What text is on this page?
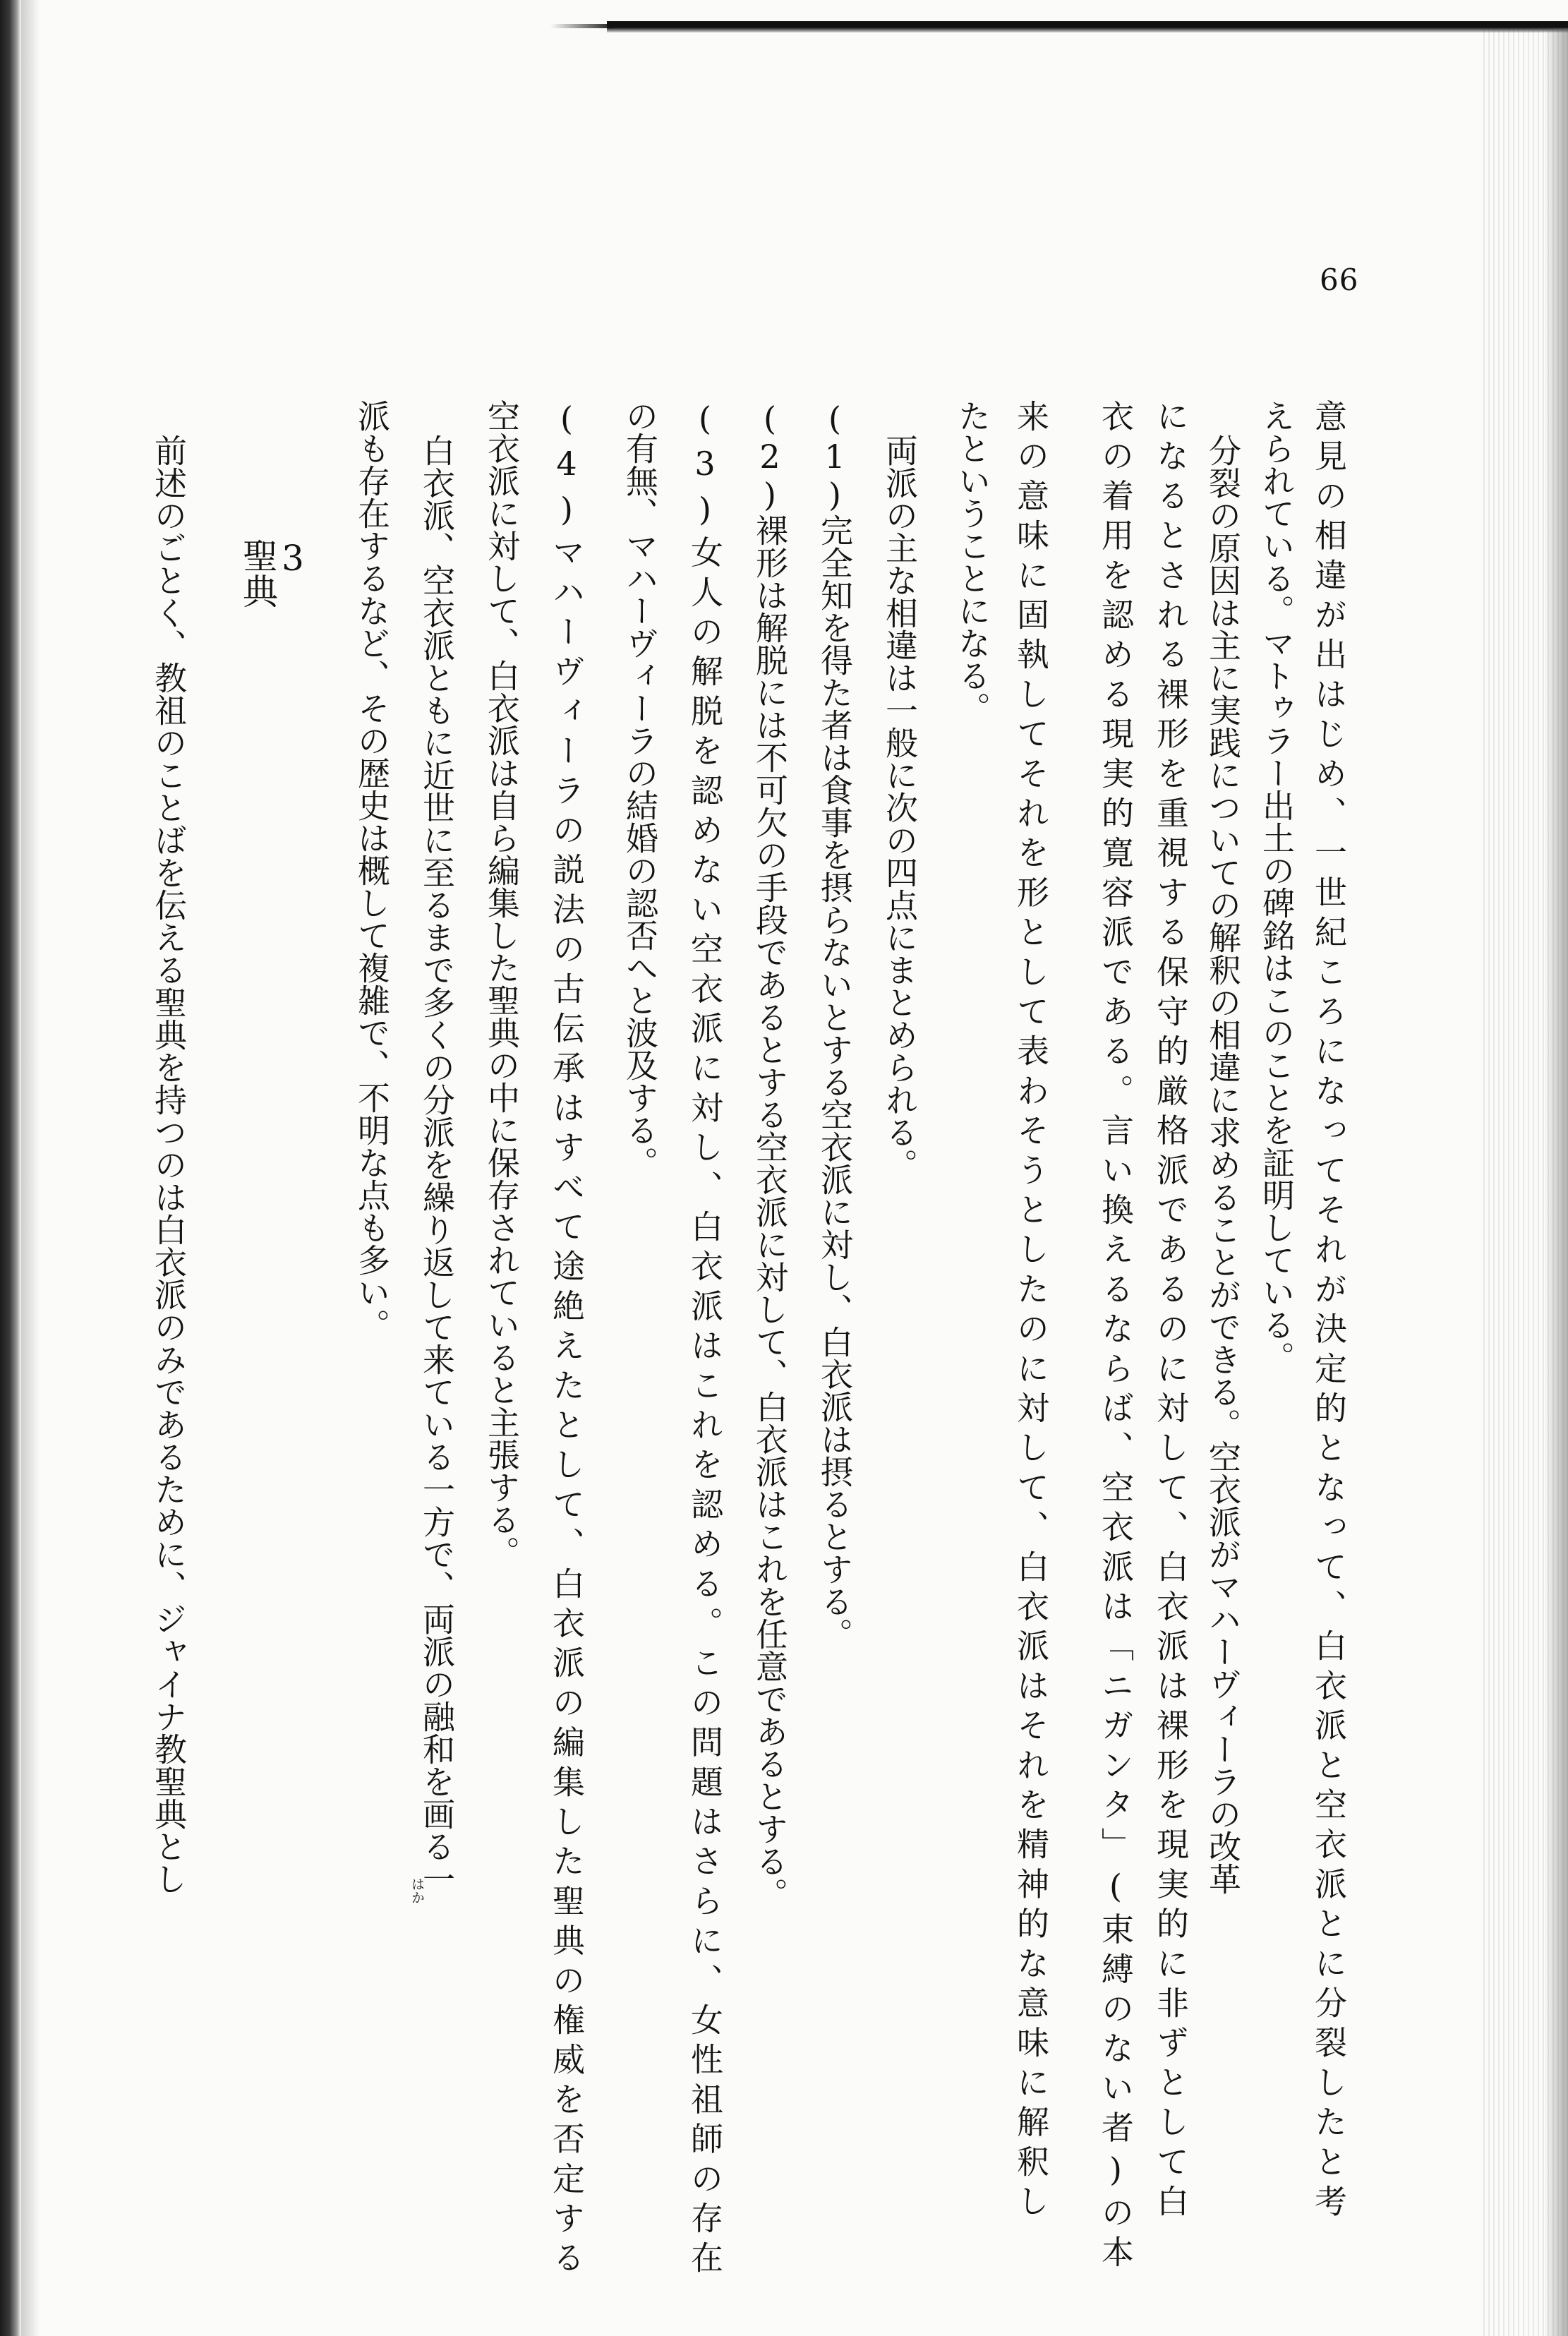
66
意見の相違が出はじめ、一世紀ころになってそれが決定的となって、白衣派と空衣派とに分裂したと考
えられている。マトゥラー出土の碑銘はこのことを証明している。
分裂の原因は主に実践についての解釈の相違に求めることができる。空衣派がマハーヴィーラの改革
になるとされる裸形を重視する保守的厳格派であるのに対して、白衣派は裸形を現実的に非ずとして白
衣の着用を認める現実的寛容派である。言い換えるならば、空衣派は「ニガンタ」(束縛のない者)の本
来の意味に固執してそれを形として表わそうとしたのに対して、白衣派はそれを精神的な意味に解釈し
たということになる。
両派の主な相違は一般に次の四点にまとめられる。
(1)完全知を得た者は食事を摂らないとする空衣派に対し、白衣派は摂るとする。
(2)裸形は解脱には不可欠の手段であるとする空衣派に対して、白衣派はこれを任意であるとする。
(3)女人の解脱を認めない空衣派に対し、白衣派はこれを認める。この問題はさらに、女性祖師の存在
の有無、マハーヴィーラの結婚の認否へと波及する。
(4)マハーヴィーラの説法の古伝承はすべて途絶えたとして、白衣派の編集した聖典の権威を否定する
空衣派に対して、白衣派は自ら編集した聖典の中に保存されていると主張する。
白衣派、空衣派ともに近世に至るまで多くの分派を繰り返して来ている一方で、両派の融和を画る一
派も存在するなど、その歴史は概して複雑で、不明な点も多い。
3
聖典
前述のごとく、教祖のことばを伝える聖典を持つのは白衣派のみであるために、ジャイナ教聖典とし	はか
